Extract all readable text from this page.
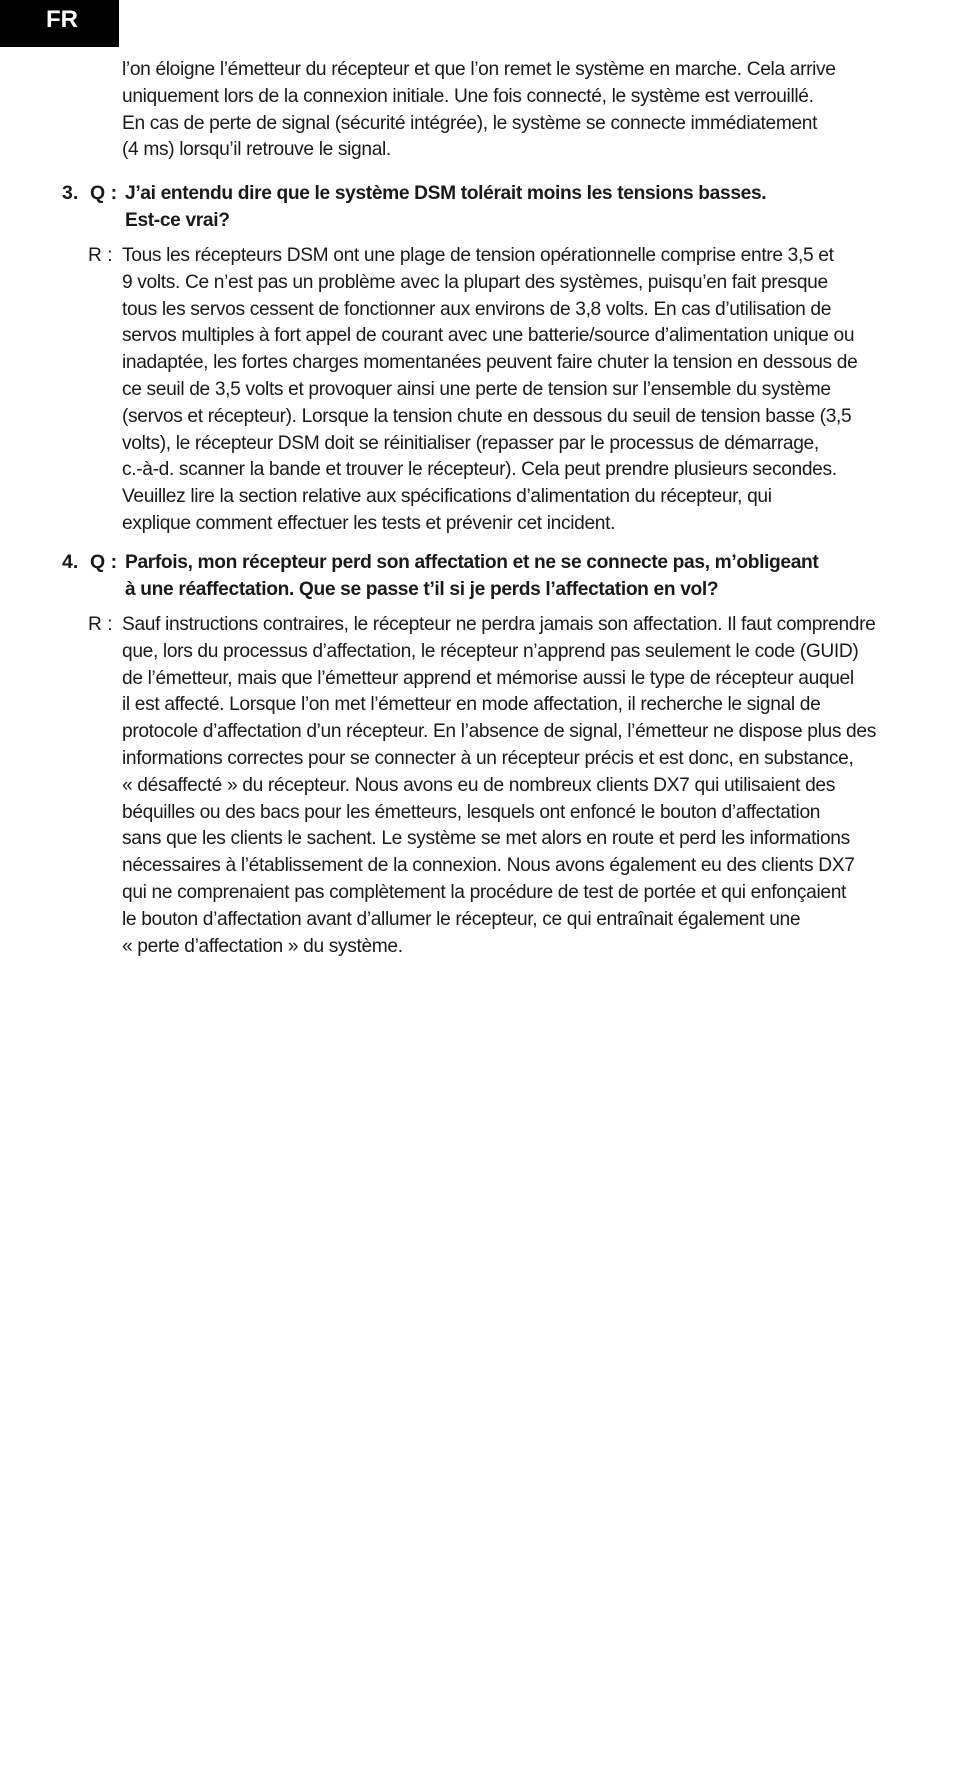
FR
l’on éloigne l’émetteur du récepteur et que l’on remet le système en marche. Cela arrive
uniquement lors de la connexion initiale. Une fois connecté, le système est verrouillé.
En cas de perte de signal (sécurité intégrée), le système se connecte immédiatement
(4 ms) lorsqu’il retrouve le signal.
3. Q : J’ai entendu dire que le système DSM tolérait moins les tensions basses.
Est-ce vrai?
R : Tous les récepteurs DSM ont une plage de tension opérationnelle comprise entre 3,5 et
9 volts. Ce n’est pas un problème avec la plupart des systèmes, puisqu’en fait presque
tous les servos cessent de fonctionner aux environs de 3,8 volts. En cas d’utilisation de
servos multiples à fort appel de courant avec une batterie/source d’alimentation unique ou
inadaptée, les fortes charges momentanées peuvent faire chuter la tension en dessous de
ce seuil de 3,5 volts et provoquer ainsi une perte de tension sur l’ensemble du système
(servos et récepteur). Lorsque la tension chute en dessous du seuil de tension basse (3,5
volts), le récepteur DSM doit se réinitialiser (repasser par le processus de démarrage,
c.-à-d. scanner la bande et trouver le récepteur). Cela peut prendre plusieurs secondes.
Veuillez lire la section relative aux spécifications d’alimentation du récepteur, qui
explique comment effectuer les tests et prévenir cet incident.
4. Q : Parfois, mon récepteur perd son affectation et ne se connecte pas, m’obligeant
à une réaffectation. Que se passe t’il si je perds l’affectation en vol?
R : Sauf instructions contraires, le récepteur ne perdra jamais son affectation. Il faut comprendre
que, lors du processus d’affectation, le récepteur n’apprend pas seulement le code (GUID)
de l’émetteur, mais que l’émetteur apprend et mémorise aussi le type de récepteur auquel
il est affecté. Lorsque l’on met l’émetteur en mode affectation, il recherche le signal de
protocole d’affectation d’un récepteur. En l’absence de signal, l’émetteur ne dispose plus des
informations correctes pour se connecter à un récepteur précis et est donc, en substance,
« désaffecté » du récepteur. Nous avons eu de nombreux clients DX7 qui utilisaient des
béquilles ou des bacs pour les émetteurs, lesquels ont enfoncé le bouton d’affectation
sans que les clients le sachent. Le système se met alors en route et perd les informations
nécessaires à l’établissement de la connexion. Nous avons également eu des clients DX7
qui ne comprenaient pas complètement la procédure de test de portée et qui enfonçaient
le bouton d’affectation avant d’allumer le récepteur, ce qui entraînait également une
« perte d’affectation » du système.
